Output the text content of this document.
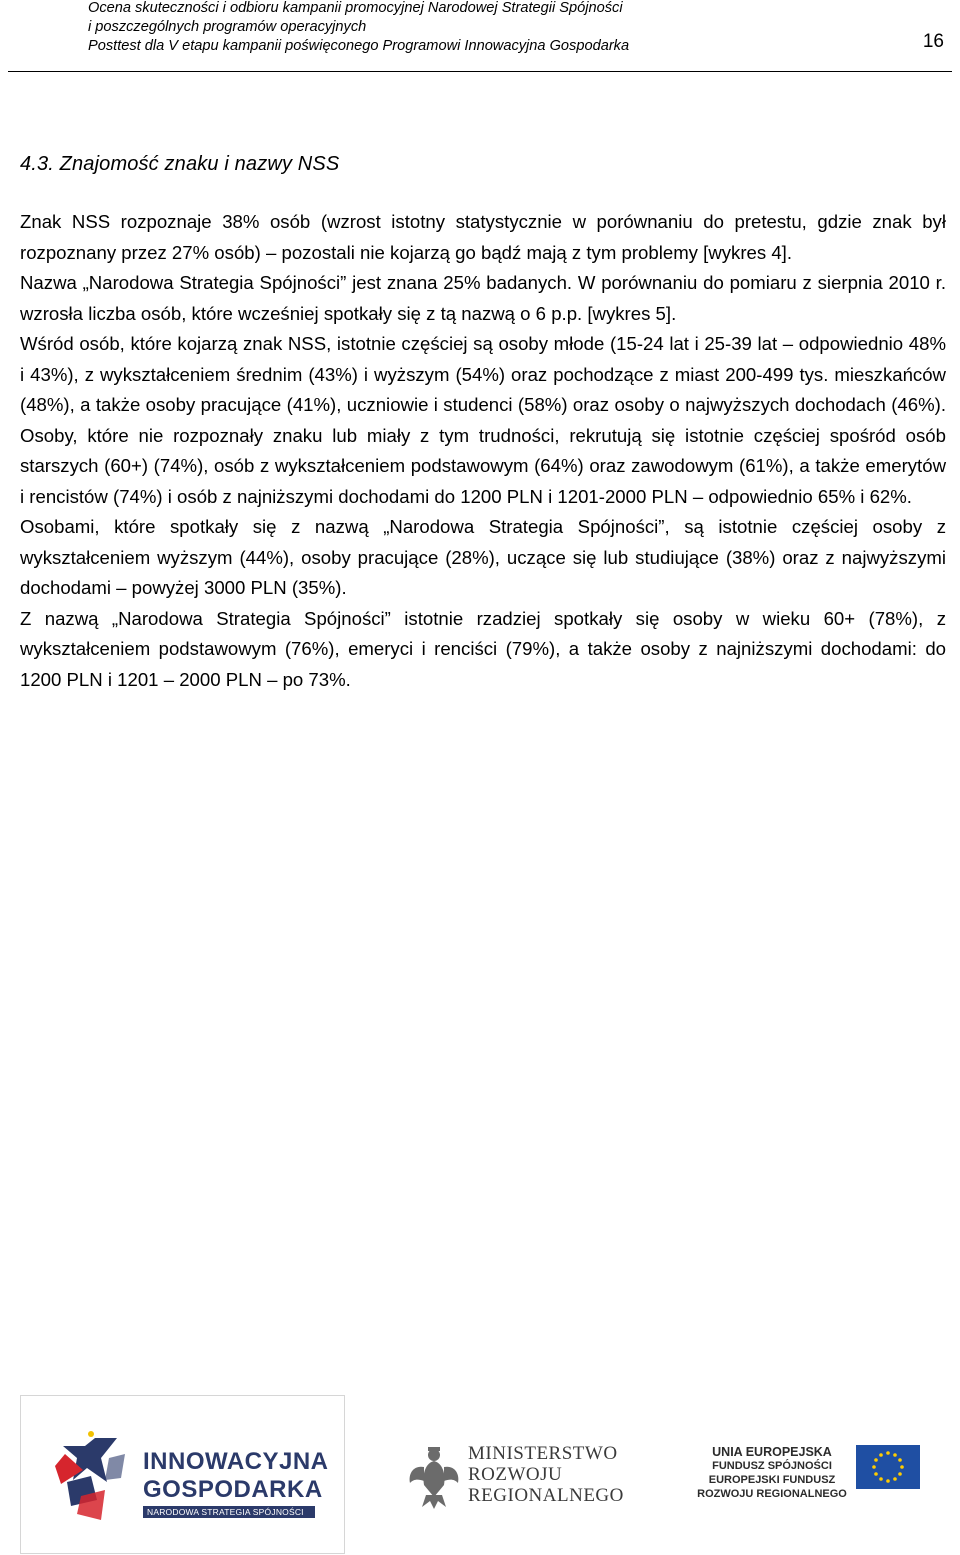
Ocena skuteczności i odbioru kampanii promocyjnej Narodowej Strategii Spójności
i poszczególnych programów operacyjnych
Posttest dla V etapu kampanii poświęconego Programowi Innowacyjna Gospodarka	16
4.3. Znajomość znaku i nazwy NSS

Znak NSS rozpoznaje 38% osób (wzrost istotny statystycznie w porównaniu do pretestu, gdzie znak był rozpoznany przez 27% osób) – pozostali nie kojarzą go bądź mają z tym problemy [wykres 4].

Nazwa „Narodowa Strategia Spójności” jest znana 25% badanych. W porównaniu do pomiaru z sierpnia 2010 r. wzrosła liczba osób, które wcześniej spotkały się z tą nazwą o 6 p.p. [wykres 5].

Wśród osób, które kojarzą znak NSS, istotnie częściej są osoby młode (15-24 lat i 25-39 lat – odpowiednio 48% i 43%), z wykształceniem średnim (43%) i wyższym (54%) oraz pochodzące z miast 200-499 tys. mieszkańców (48%), a także osoby pracujące (41%), uczniowie i studenci (58%) oraz osoby o najwyższych dochodach (46%). Osoby, które nie rozpoznały znaku lub miały z tym trudności, rekrutują się istotnie częściej spośród osób starszych (60+) (74%), osób z wykształceniem podstawowym (64%) oraz zawodowym (61%), a także emerytów i rencistów (74%) i osób z najniższymi dochodami do 1200 PLN i 1201-2000 PLN – odpowiednio 65% i 62%.

Osobami, które spotkały się z nazwą „Narodowa Strategia Spójności”, są istotnie częściej osoby z wykształceniem wyższym (44%), osoby pracujące (28%), uczące się lub studiujące (38%) oraz z najwyższymi dochodami – powyżej 3000 PLN (35%).

Z nazwą „Narodowa Strategia Spójności” istotnie rzadziej spotkały się osoby w wieku 60+ (78%), z wykształceniem podstawowym (76%), emeryci i renciści (79%), a także osoby z najniższymi dochodami: do 1200 PLN i 1201 – 2000 PLN – po 73%.

INNOWACYJNA
GOSPODARKA
NARODOWA STRATEGIA SPÓJNOŚCI
MINISTERSTWO
ROZWOJU
REGIONALNEGO
UNIA EUROPEJSKA
FUNDUSZ SPÓJNOŚCI
EUROPEJSKI FUNDUSZ
ROZWOJU REGIONALNEGO
